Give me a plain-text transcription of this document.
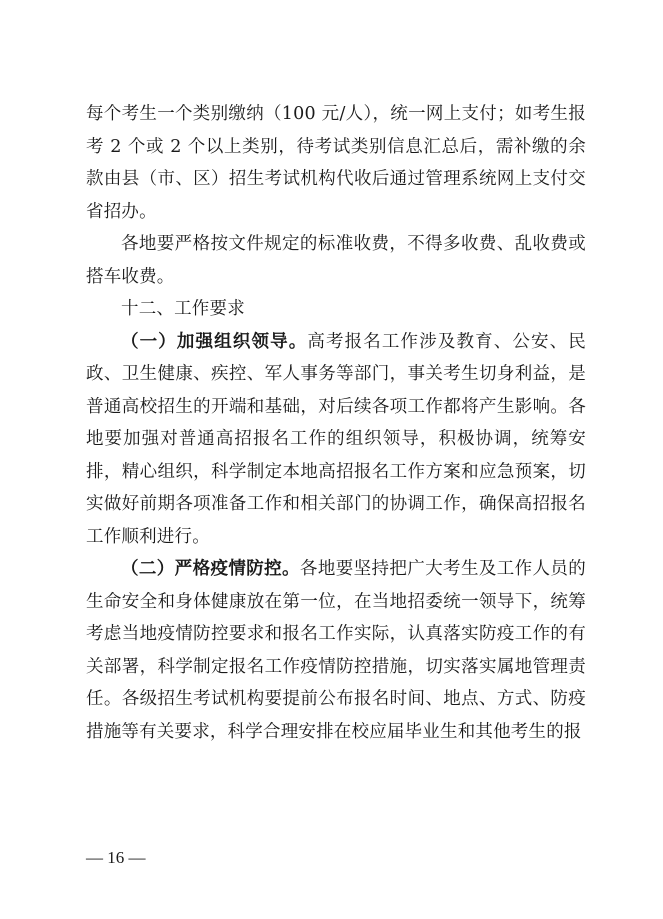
每个考生一个类别缴纳（100 元/人），统一网上支付；如考生报考 2 个或 2 个以上类别，待考试类别信息汇总后，需补缴的余款由县（市、区）招生考试机构代收后通过管理系统网上支付交省招办。

各地要严格按文件规定的标准收费，不得多收费、乱收费或搭车收费。

十二、工作要求

（一）加强组织领导。高考报名工作涉及教育、公安、民政、卫生健康、疾控、军人事务等部门，事关考生切身利益，是普通高校招生的开端和基础，对后续各项工作都将产生影响。各地要加强对普通高招报名工作的组织领导，积极协调，统筹安排，精心组织，科学制定本地高招报名工作方案和应急预案，切实做好前期各项准备工作和相关部门的协调工作，确保高招报名工作顺利进行。

（二）严格疫情防控。各地要坚持把广大考生及工作人员的生命安全和身体健康放在第一位，在当地招委统一领导下，统筹考虑当地疫情防控要求和报名工作实际，认真落实防疫工作的有关部署，科学制定报名工作疫情防控措施，切实落实属地管理责任。各级招生考试机构要提前公布报名时间、地点、方式、防疫措施等有关要求，科学合理安排在校应届毕业生和其他考生的报

— 16 —
